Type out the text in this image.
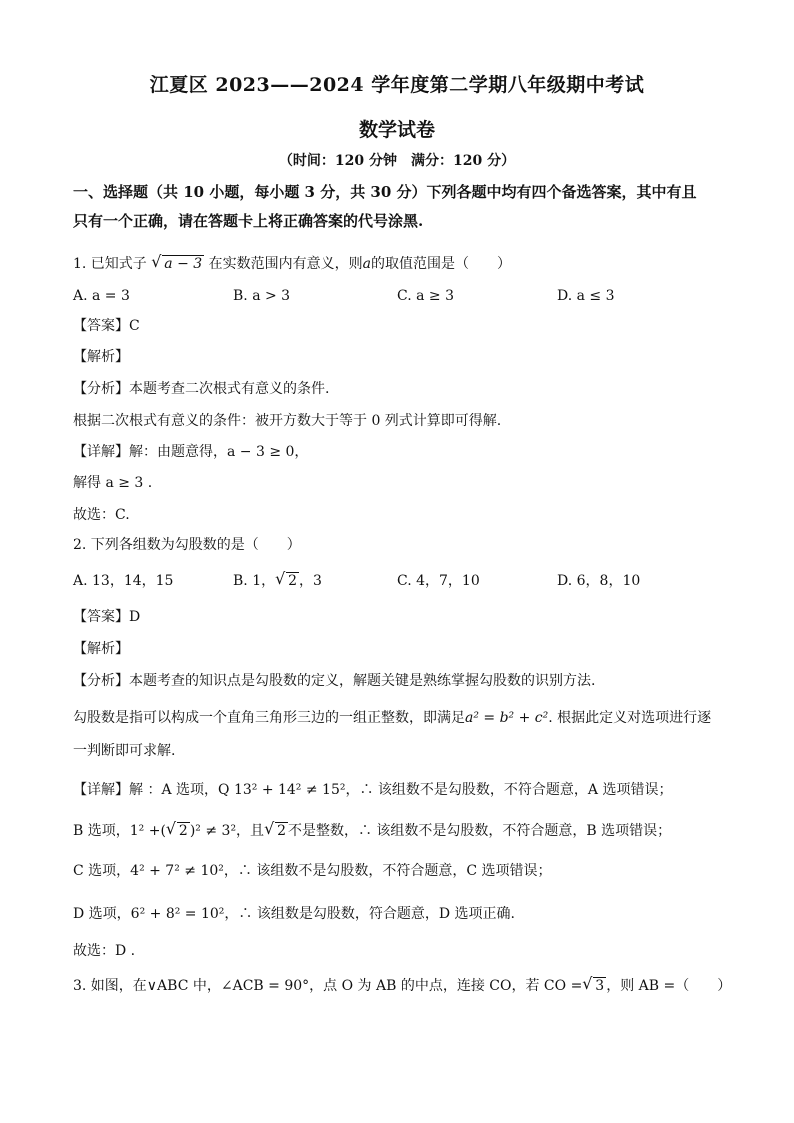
江夏区 2023——2024 学年度第二学期八年级期中考试
数学试卷
（时间：120 分钟　满分：120 分）
一、选择题（共 10 小题，每小题 3 分，共 30 分）下列各题中均有四个备选答案，其中有且
只有一个正确，请在答题卡上将正确答案的代号涂黑.
1. 已知式子 √ a − 3 在实数范围内有意义，则a的取值范围是（　　）
A. a = 3	B. a > 3	C. a ≥ 3	D. a ≤ 3
【答案】C
【解析】
【分析】本题考查二次根式有意义的条件.
根据二次根式有意义的条件：被开方数大于等于 0 列式计算即可得解.
【详解】解：由题意得，a − 3 ≥ 0，
解得 a ≥ 3 .
故选：C.
2. 下列各组数为勾股数的是（　　）
A. 13，14，15	B. 1， √ 2 ，3	C. 4，7，10	D. 6，8，10
【答案】D
【解析】
【分析】本题考查的知识点是勾股数的定义，解题关键是熟练掌握勾股数的识别方法.
勾股数是指可以构成一个直角三角形三边的一组正整数，即满足a² = b² + c². 根据此定义对选项进行逐
一判断即可求解.
【详解】解 ：A 选项，Q 13² + 14² ≠ 15²，∴ 该组数不是勾股数，不符合题意，A 选项错误；
B 选项，1² +( √ 2 )² ≠ 3²，且 √ 2 不是整数，∴ 该组数不是勾股数，不符合题意，B 选项错误；
C 选项，4² + 7² ≠ 10²，∴ 该组数不是勾股数，不符合题意，C 选项错误；
D 选项，6² + 8² = 10²，∴ 该组数是勾股数，符合题意，D 选项正确.
故选：D .
3. 如图，在∨ABC 中，∠ACB = 90°，点 O 为 AB 的中点，连接 CO，若 CO = √ 3 ，则 AB =（　　）
